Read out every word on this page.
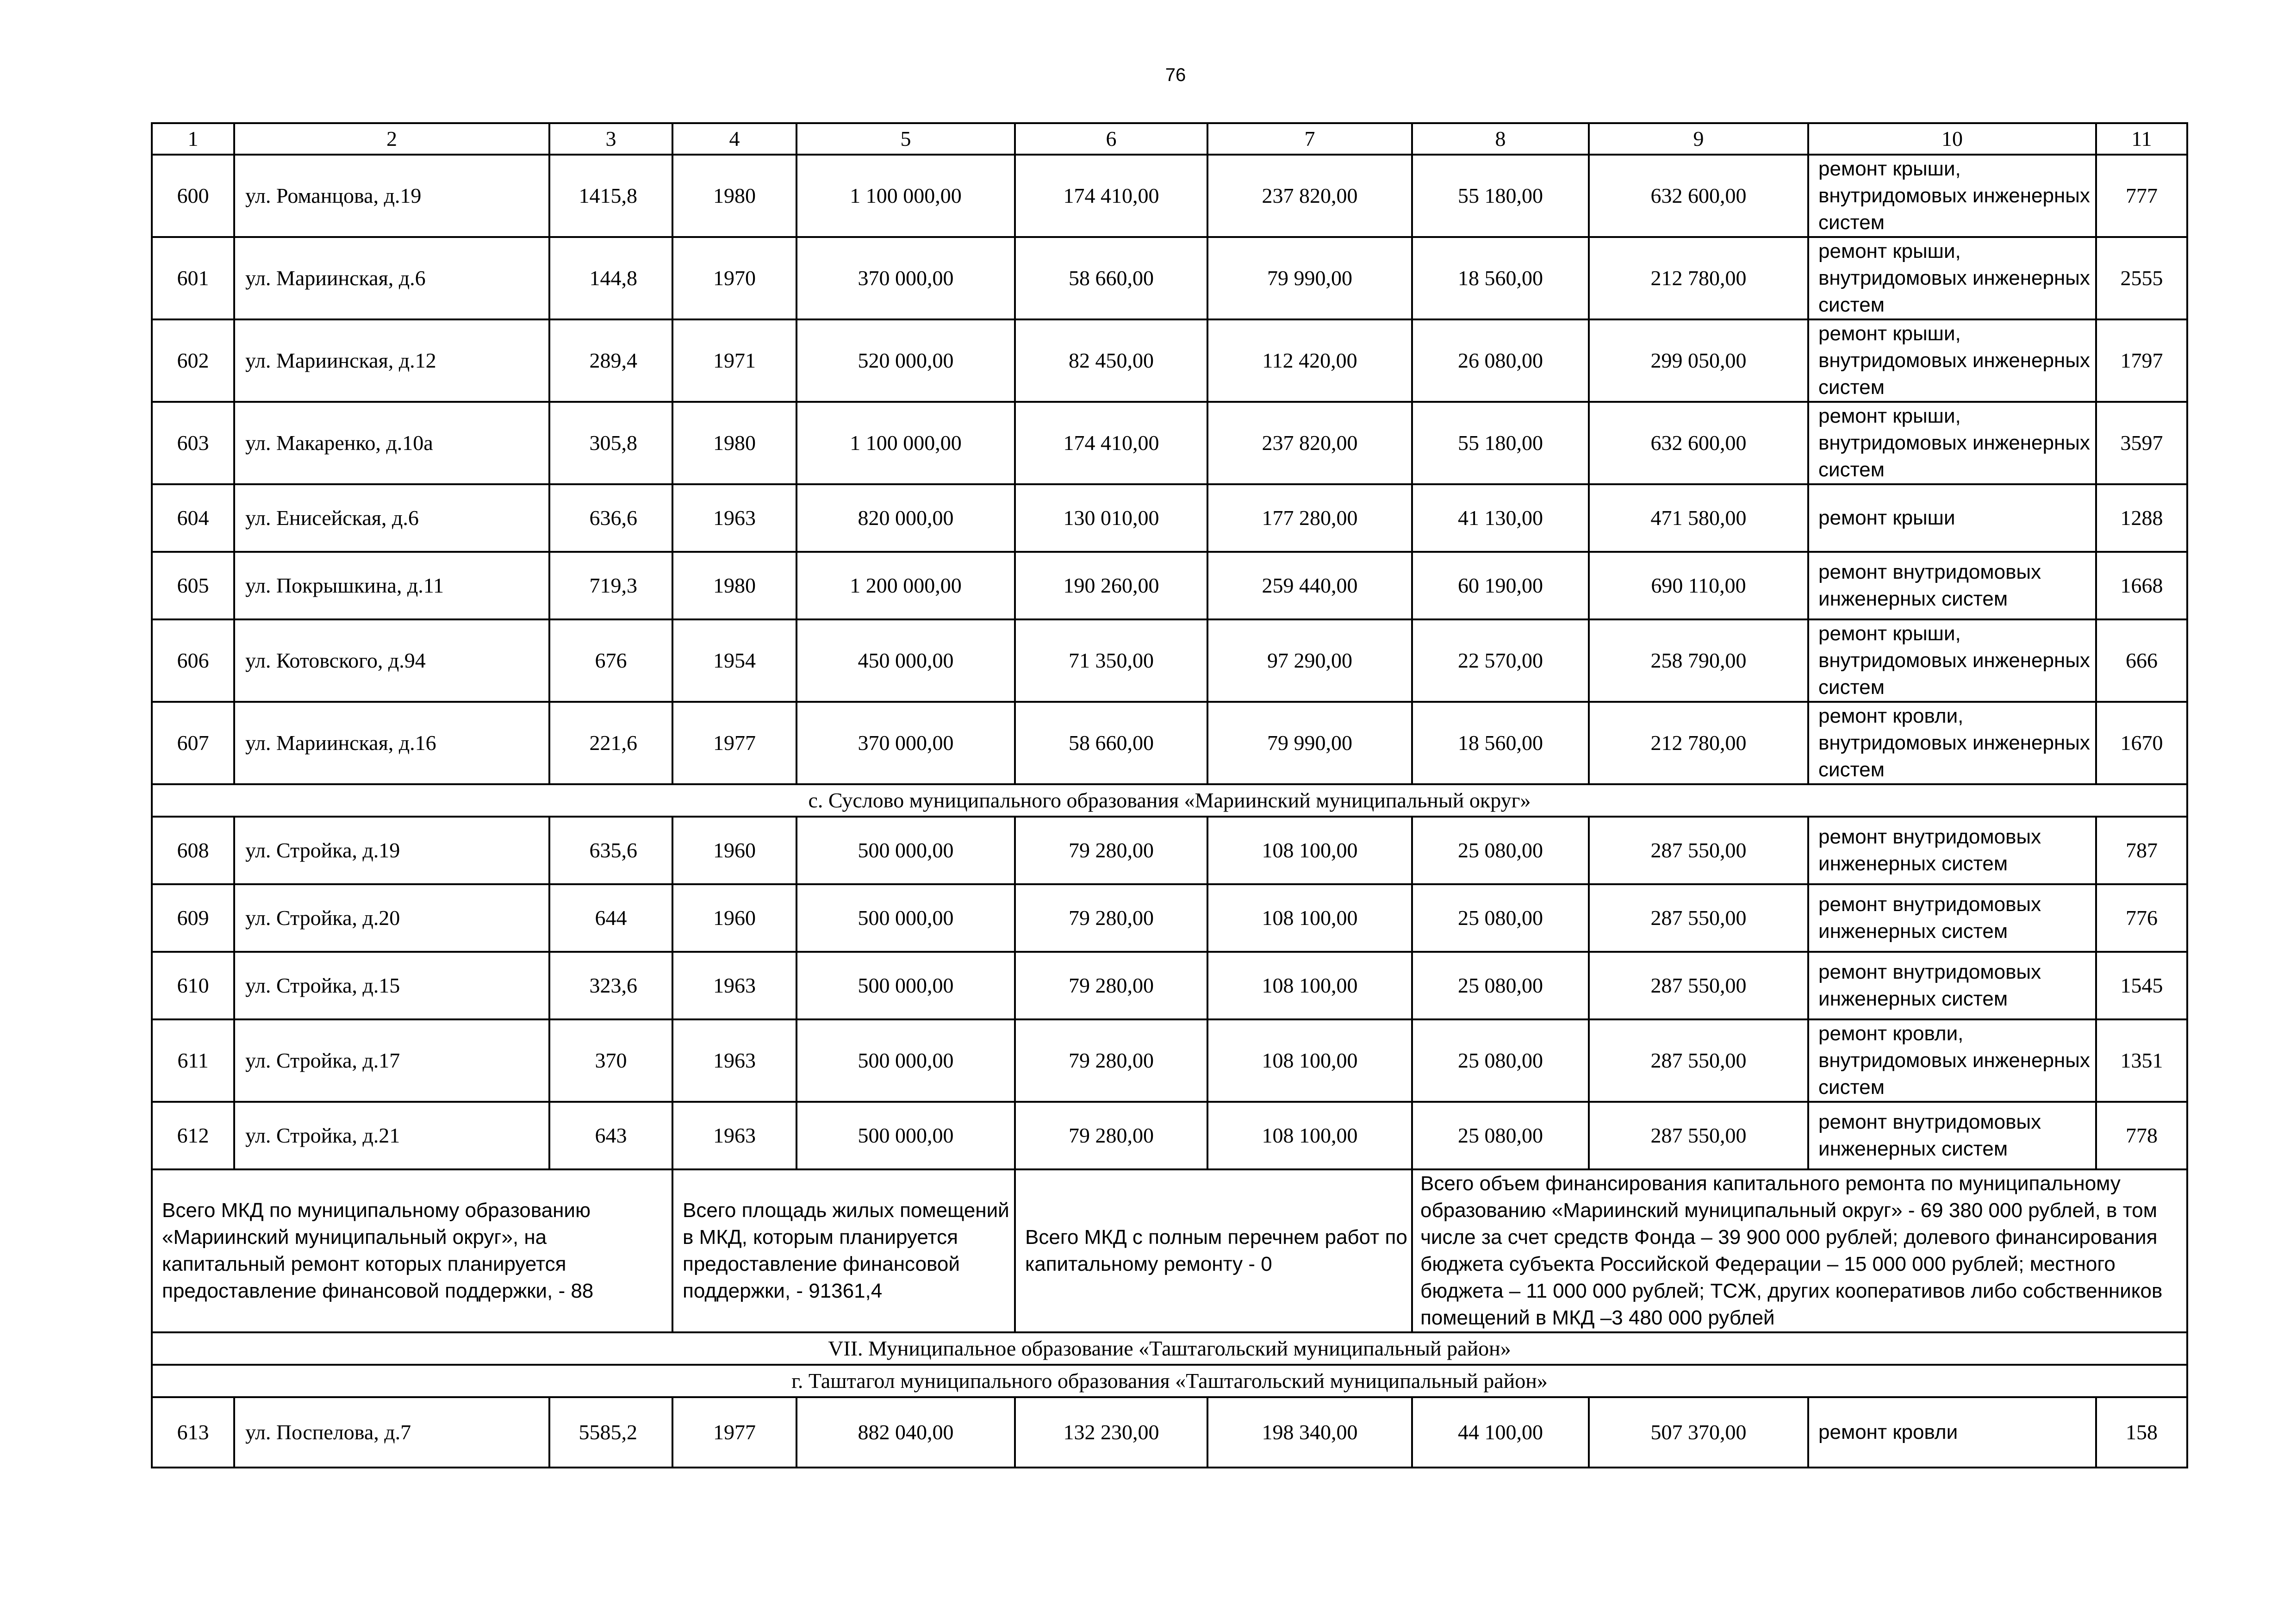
76
1	2	3	4	5	6	7	8	9	10	11
600	ул. Романцова, д.19	1415,8	1980	1 100 000,00	174 410,00	237 820,00	55 180,00	632 600,00	ремонт крыши, внутридомовых инженерных систем	777
601	ул. Мариинская, д.6	144,8	1970	370 000,00	58 660,00	79 990,00	18 560,00	212 780,00	ремонт крыши, внутридомовых инженерных систем	2555
602	ул. Мариинская, д.12	289,4	1971	520 000,00	82 450,00	112 420,00	26 080,00	299 050,00	ремонт крыши, внутридомовых инженерных систем	1797
603	ул. Макаренко, д.10а	305,8	1980	1 100 000,00	174 410,00	237 820,00	55 180,00	632 600,00	ремонт крыши, внутридомовых инженерных систем	3597
604	ул. Енисейская, д.6	636,6	1963	820 000,00	130 010,00	177 280,00	41 130,00	471 580,00	ремонт крыши	1288
605	ул. Покрышкина, д.11	719,3	1980	1 200 000,00	190 260,00	259 440,00	60 190,00	690 110,00	ремонт внутридомовых инженерных систем	1668
606	ул. Котовского, д.94	676	1954	450 000,00	71 350,00	97 290,00	22 570,00	258 790,00	ремонт крыши, внутридомовых инженерных систем	666
607	ул. Мариинская, д.16	221,6	1977	370 000,00	58 660,00	79 990,00	18 560,00	212 780,00	ремонт кровли, внутридомовых инженерных систем	1670
с. Суслово муниципального образования «Мариинский муниципальный округ»										
608	ул. Стройка, д.19	635,6	1960	500 000,00	79 280,00	108 100,00	25 080,00	287 550,00	ремонт внутридомовых инженерных систем	787
609	ул. Стройка, д.20	644	1960	500 000,00	79 280,00	108 100,00	25 080,00	287 550,00	ремонт внутридомовых инженерных систем	776
610	ул. Стройка, д.15	323,6	1963	500 000,00	79 280,00	108 100,00	25 080,00	287 550,00	ремонт внутридомовых инженерных систем	1545
611	ул. Стройка, д.17	370	1963	500 000,00	79 280,00	108 100,00	25 080,00	287 550,00	ремонт кровли, внутридомовых инженерных систем	1351
612	ул. Стройка, д.21	643	1963	500 000,00	79 280,00	108 100,00	25 080,00	287 550,00	ремонт внутридомовых инженерных систем	778
Всего МКД по муниципальному образованию «Мариинский муниципальный округ», на капитальный ремонт которых планируется предоставление финансовой поддержки, - 88			Всего площадь жилых помещений в МКД, которым планируется предоставление финансовой поддержки, - 91361,4		Всего МКД с полным перечнем работ по капитальному ремонту - 0		Всего объем финансирования капитального ремонта по муниципальному образованию «Мариинский муниципальный округ» - 69 380 000 рублей, в том числе за счет средств Фонда – 39 900 000 рублей; долевого финансирования бюджета субъекта Российской Федерации – 15 000 000 рублей; местного бюджета – 11 000 000 рублей; ТСЖ, других кооперативов либо собственников помещений в МКД –3 480 000 рублей			
VII. Муниципальное образование «Таштагольский муниципальный район»										
г. Таштагол муниципального образования «Таштагольский муниципальный район»										
613	ул. Поспелова, д.7	5585,2	1977	882 040,00	132 230,00	198 340,00	44 100,00	507 370,00	ремонт кровли	158
